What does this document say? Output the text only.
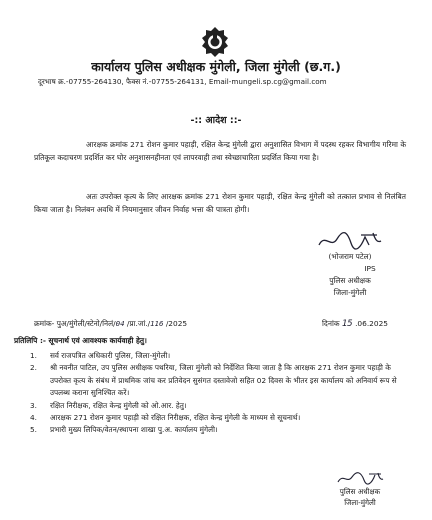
कार्यालय पुलिस अधीक्षक मुंगेली, जिला मुंगेली (छ.ग.)
दूरभाष क्र.-07755-264130, फैक्स नं.-07755-264131, Email-mungeli.sp.cg@gmail.com
-:: आदेश ::-

आरक्षक क्रमांक 271 रोशन कुमार पहाड़ी, रक्षित केन्द्र मुंगेली द्वारा अनुशासित विभाग में पदस्थ रहकर विभागीय गरिमा के प्रतिकूल कदाचरण प्रदर्शित कर घोर अनुशासनहीनता एवं लापरवाही तथा स्वेच्छाचारिता प्रदर्शित किया गया है।

अतः उपरोक्त कृत्य के लिए आरक्षक क्रमांक 271 रोशन कुमार पहाड़ी, रक्षित केन्द्र मुंगेली को तत्काल प्रभाव से निलंबित किया जाता है। निलंबन अवधि में नियमानुसार जीवन निर्वाह भत्ता की पात्रता होगी।

(भोजराम पटेल)
IPS
पुलिस अधीक्षक
जिला-मुंगेली
क्रमांक- पुअ/मुंगेली/स्टेनो/निलं/04 /प्रा.जां./116 /2025	दिनांक 15 .06.2025
प्रतिलिपि :- सूचनार्थ एवं आवश्यक कार्यवाही हेतु।
1. सर्व राजपत्रित अधिकारी पुलिस, जिला-मुंगेली।
2. श्री नवनीत पाटिल, उप पुलिस अधीक्षक पथरिया, जिला मुंगेली को निर्देशित किया जाता है कि आरक्षक 271 रोशन कुमार पहाड़ी के उपरोक्त कृत्य के संबंध में प्राथमिक जांच कर प्रतिवेदन सुसंगत दस्तावेजो सहित 02 दिवस के भीतर इस कार्यालय को अनिवार्य रूप से उपलब्ध कराना सुनिश्चित करें।
3. रक्षित निरीक्षक, रक्षित केन्द्र मुंगेली को ओ.आर. हेतु।
4. आरक्षक 271 रोशन कुमार पहाड़ी को रक्षित निरीक्षक, रक्षित केन्द्र मुंगेली के माध्यम से सूचनार्थ।
5. प्रभारी मुख्य लिपिक/वेतन/स्थापना शाखा पु.अ. कार्यालय मुंगेली।
पुलिस अधीक्षक
जिला-मुंगेली
